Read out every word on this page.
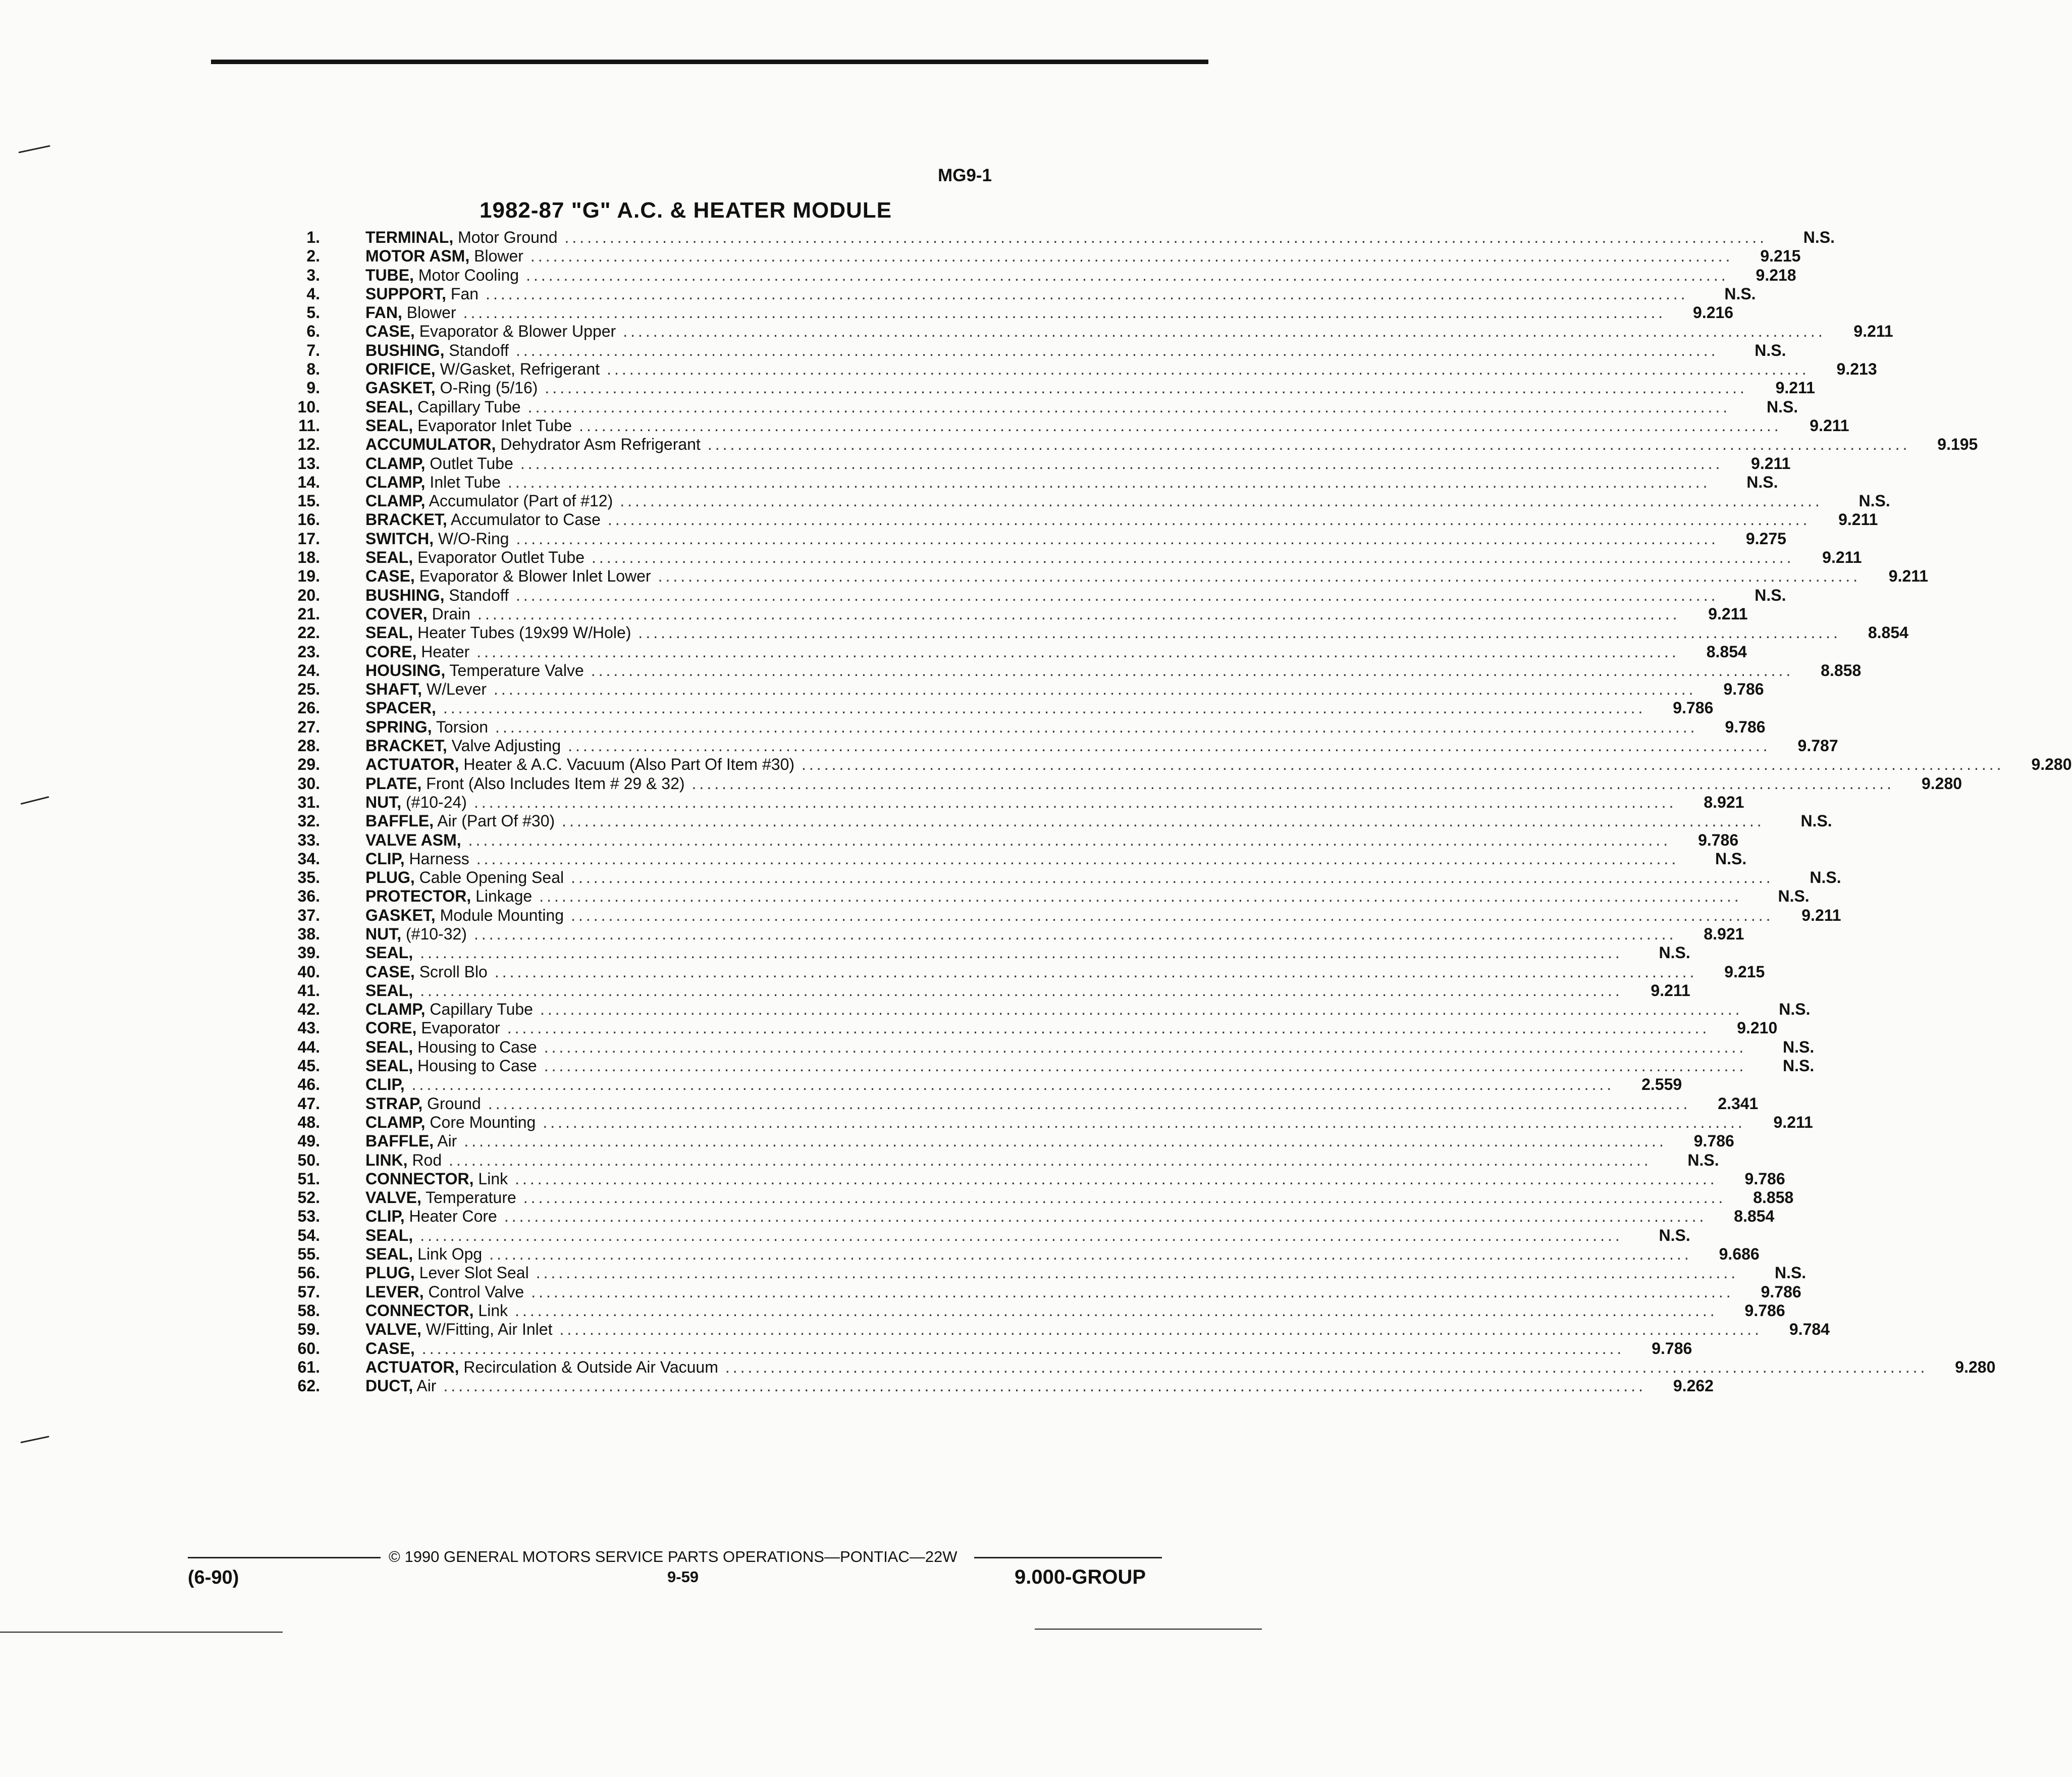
MG9-1
1982-87 "G" A.C. & HEATER MODULE
1.	TERMINAL, Motor Ground ................................................................................................................................................................	N.S.
2.	MOTOR ASM, Blower ................................................................................................................................................................	9.215
3.	TUBE, Motor Cooling ................................................................................................................................................................	9.218
4.	SUPPORT, Fan ................................................................................................................................................................	N.S.
5.	FAN, Blower ................................................................................................................................................................	9.216
6.	CASE, Evaporator & Blower Upper ................................................................................................................................................................	9.211
7.	BUSHING, Standoff ................................................................................................................................................................	N.S.
8.	ORIFICE, W/Gasket, Refrigerant ................................................................................................................................................................	9.213
9.	GASKET, O-Ring (5/16) ................................................................................................................................................................	9.211
10.	SEAL, Capillary Tube ................................................................................................................................................................	N.S.
11.	SEAL, Evaporator Inlet Tube ................................................................................................................................................................	9.211
12.	ACCUMULATOR, Dehydrator Asm Refrigerant ................................................................................................................................................................	9.195
13.	CLAMP, Outlet Tube ................................................................................................................................................................	9.211
14.	CLAMP, Inlet Tube ................................................................................................................................................................	N.S.
15.	CLAMP, Accumulator (Part of #12) ................................................................................................................................................................	N.S.
16.	BRACKET, Accumulator to Case ................................................................................................................................................................	9.211
17.	SWITCH, W/O-Ring ................................................................................................................................................................	9.275
18.	SEAL, Evaporator Outlet Tube ................................................................................................................................................................	9.211
19.	CASE, Evaporator & Blower Inlet Lower ................................................................................................................................................................	9.211
20.	BUSHING, Standoff ................................................................................................................................................................	N.S.
21.	COVER, Drain ................................................................................................................................................................	9.211
22.	SEAL, Heater Tubes (19x99 W/Hole) ................................................................................................................................................................	8.854
23.	CORE, Heater ................................................................................................................................................................	8.854
24.	HOUSING, Temperature Valve ................................................................................................................................................................	8.858
25.	SHAFT, W/Lever ................................................................................................................................................................	9.786
26.	SPACER, ................................................................................................................................................................	9.786
27.	SPRING, Torsion ................................................................................................................................................................	9.786
28.	BRACKET, Valve Adjusting ................................................................................................................................................................	9.787
29.	ACTUATOR, Heater & A.C. Vacuum (Also Part Of Item #30) ................................................................................................................................................................	9.280
30.	PLATE, Front (Also Includes Item # 29 & 32) ................................................................................................................................................................	9.280
31.	NUT, (#10-24) ................................................................................................................................................................	8.921
32.	BAFFLE, Air (Part Of #30) ................................................................................................................................................................	N.S.
33.	VALVE ASM, ................................................................................................................................................................	9.786
34.	CLIP, Harness ................................................................................................................................................................	N.S.
35.	PLUG, Cable Opening Seal ................................................................................................................................................................	N.S.
36.	PROTECTOR, Linkage ................................................................................................................................................................	N.S.
37.	GASKET, Module Mounting ................................................................................................................................................................	9.211
38.	NUT, (#10-32) ................................................................................................................................................................	8.921
39.	SEAL, ................................................................................................................................................................	N.S.
40.	CASE, Scroll Blo ................................................................................................................................................................	9.215
41.	SEAL, ................................................................................................................................................................	9.211
42.	CLAMP, Capillary Tube ................................................................................................................................................................	N.S.
43.	CORE, Evaporator ................................................................................................................................................................	9.210
44.	SEAL, Housing to Case ................................................................................................................................................................	N.S.
45.	SEAL, Housing to Case ................................................................................................................................................................	N.S.
46.	CLIP, ................................................................................................................................................................	2.559
47.	STRAP, Ground ................................................................................................................................................................	2.341
48.	CLAMP, Core Mounting ................................................................................................................................................................	9.211
49.	BAFFLE, Air ................................................................................................................................................................	9.786
50.	LINK, Rod ................................................................................................................................................................	N.S.
51.	CONNECTOR, Link ................................................................................................................................................................	9.786
52.	VALVE, Temperature ................................................................................................................................................................	8.858
53.	CLIP, Heater Core ................................................................................................................................................................	8.854
54.	SEAL, ................................................................................................................................................................	N.S.
55.	SEAL, Link Opg ................................................................................................................................................................	9.686
56.	PLUG, Lever Slot Seal ................................................................................................................................................................	N.S.
57.	LEVER, Control Valve ................................................................................................................................................................	9.786
58.	CONNECTOR, Link ................................................................................................................................................................	9.786
59.	VALVE, W/Fitting, Air Inlet ................................................................................................................................................................	9.784
60.	CASE, ................................................................................................................................................................	9.786
61.	ACTUATOR, Recirculation & Outside Air Vacuum ................................................................................................................................................................	9.280
62.	DUCT, Air ................................................................................................................................................................	9.262
© 1990 GENERAL MOTORS SERVICE PARTS OPERATIONS—PONTIAC—22W
(6-90)	9-59	9.000-GROUP
